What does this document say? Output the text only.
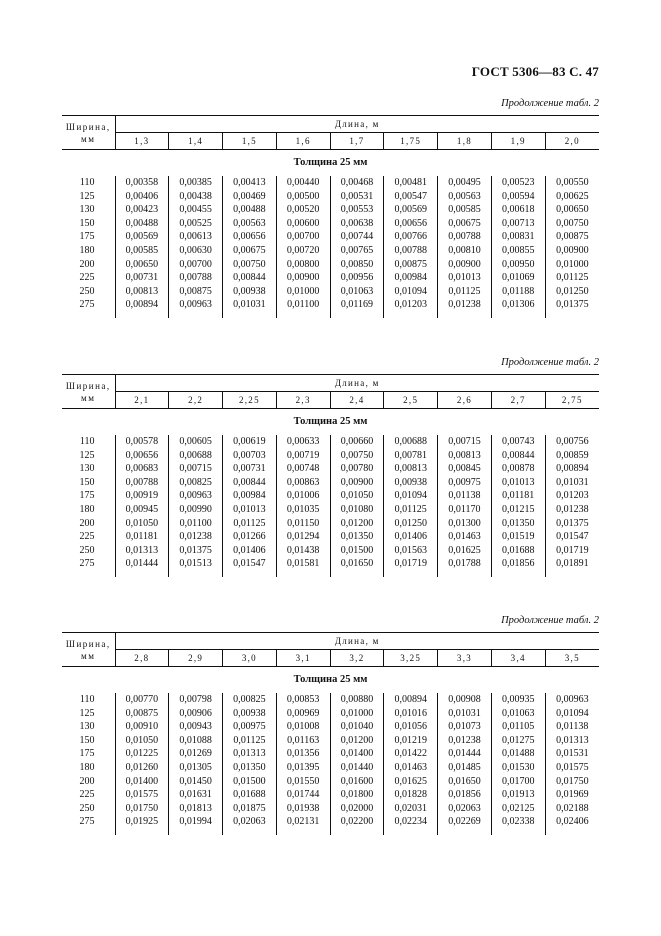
ГОСТ 5306—83 С. 47
Продолжение табл. 2
Ширина,
мм	Длина, м								
	1,3	1,4	1,5	1,6	1,7	1,75	1,8	1,9	2,0
Толщина 25 мм									
110	0,00358	0,00385	0,00413	0,00440	0,00468	0,00481	0,00495	0,00523	0,00550
125	0,00406	0,00438	0,00469	0,00500	0,00531	0,00547	0,00563	0,00594	0,00625
130	0,00423	0,00455	0,00488	0,00520	0,00553	0,00569	0,00585	0,00618	0,00650
150	0,00488	0,00525	0,00563	0,00600	0,00638	0,00656	0,00675	0,00713	0,00750
175	0,00569	0,00613	0,00656	0,00700	0,00744	0,00766	0,00788	0,00831	0,00875
180	0,00585	0,00630	0,00675	0,00720	0,00765	0,00788	0,00810	0,00855	0,00900
200	0,00650	0,00700	0,00750	0,00800	0,00850	0,00875	0,00900	0,00950	0,01000
225	0,00731	0,00788	0,00844	0,00900	0,00956	0,00984	0,01013	0,01069	0,01125
250	0,00813	0,00875	0,00938	0,01000	0,01063	0,01094	0,01125	0,01188	0,01250
275	0,00894	0,00963	0,01031	0,01100	0,01169	0,01203	0,01238	0,01306	0,01375

Продолжение табл. 2
Ширина,
мм	Длина, м								
	2,1	2,2	2,25	2,3	2,4	2,5	2,6	2,7	2,75
Толщина 25 мм									
110	0,00578	0,00605	0,00619	0,00633	0,00660	0,00688	0,00715	0,00743	0,00756
125	0,00656	0,00688	0,00703	0,00719	0,00750	0,00781	0,00813	0,00844	0,00859
130	0,00683	0,00715	0,00731	0,00748	0,00780	0,00813	0,00845	0,00878	0,00894
150	0,00788	0,00825	0,00844	0,00863	0,00900	0,00938	0,00975	0,01013	0,01031
175	0,00919	0,00963	0,00984	0,01006	0,01050	0,01094	0,01138	0,01181	0,01203
180	0,00945	0,00990	0,01013	0,01035	0,01080	0,01125	0,01170	0,01215	0,01238
200	0,01050	0,01100	0,01125	0,01150	0,01200	0,01250	0,01300	0,01350	0,01375
225	0,01181	0,01238	0,01266	0,01294	0,01350	0,01406	0,01463	0,01519	0,01547
250	0,01313	0,01375	0,01406	0,01438	0,01500	0,01563	0,01625	0,01688	0,01719
275	0,01444	0,01513	0,01547	0,01581	0,01650	0,01719	0,01788	0,01856	0,01891

Продолжение табл. 2
Ширина,
мм	Длина, м								
	2,8	2,9	3,0	3,1	3,2	3,25	3,3	3,4	3,5
Толщина 25 мм									
110	0,00770	0,00798	0,00825	0,00853	0,00880	0,00894	0,00908	0,00935	0,00963
125	0,00875	0,00906	0,00938	0,00969	0,01000	0,01016	0,01031	0,01063	0,01094
130	0,00910	0,00943	0,00975	0,01008	0,01040	0,01056	0,01073	0,01105	0,01138
150	0,01050	0,01088	0,01125	0,01163	0,01200	0,01219	0,01238	0,01275	0,01313
175	0,01225	0,01269	0,01313	0,01356	0,01400	0,01422	0,01444	0,01488	0,01531
180	0,01260	0,01305	0,01350	0,01395	0,01440	0,01463	0,01485	0,01530	0,01575
200	0,01400	0,01450	0,01500	0,01550	0,01600	0,01625	0,01650	0,01700	0,01750
225	0,01575	0,01631	0,01688	0,01744	0,01800	0,01828	0,01856	0,01913	0,01969
250	0,01750	0,01813	0,01875	0,01938	0,02000	0,02031	0,02063	0,02125	0,02188
275	0,01925	0,01994	0,02063	0,02131	0,02200	0,02234	0,02269	0,02338	0,02406
